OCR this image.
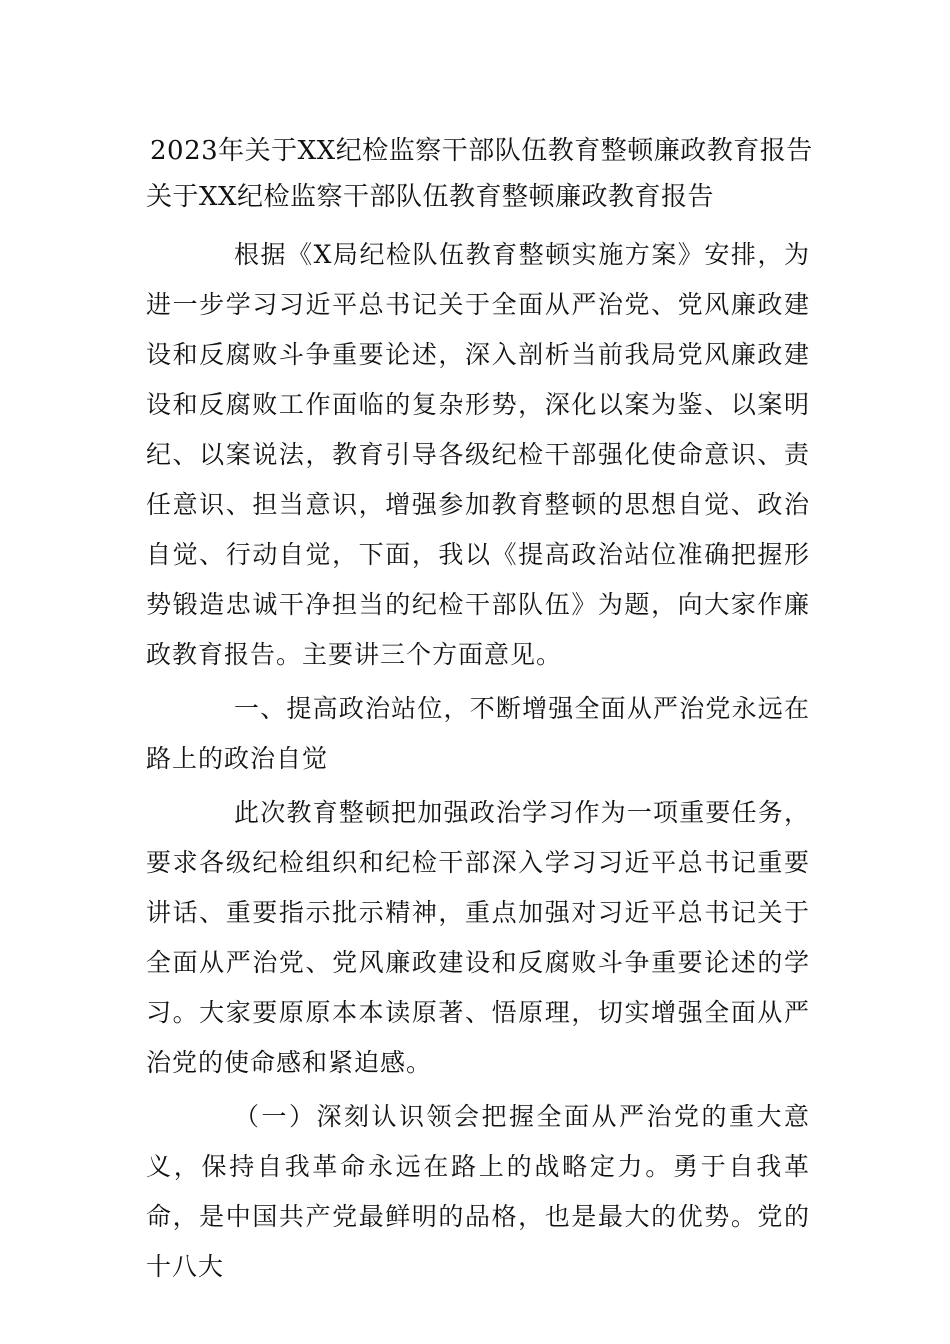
2023年关于XX纪检监察干部队伍教育整顿廉政教育报告
关于XX纪检监察干部队伍教育整顿廉政教育报告

根据《X局纪检队伍教育整顿实施方案》安排，为进一步学习习近平总书记关于全面从严治党、党风廉政建设和反腐败斗争重要论述，深入剖析当前我局党风廉政建设和反腐败工作面临的复杂形势，深化以案为鉴、以案明纪、以案说法，教育引导各级纪检干部强化使命意识、责任意识、担当意识，增强参加教育整顿的思想自觉、政治自觉、行动自觉，下面，我以《提高政治站位准确把握形势锻造忠诚干净担当的纪检干部队伍》为题，向大家作廉政教育报告。主要讲三个方面意见。

一、提高政治站位，不断增强全面从严治党永远在路上的政治自觉

此次教育整顿把加强政治学习作为一项重要任务，要求各级纪检组织和纪检干部深入学习习近平总书记重要讲话、重要指示批示精神，重点加强对习近平总书记关于全面从严治党、党风廉政建设和反腐败斗争重要论述的学习。大家要原原本本读原著、悟原理，切实增强全面从严治党的使命感和紧迫感。

（一）深刻认识领会把握全面从严治党的重大意义，保持自我革命永远在路上的战略定力。勇于自我革命，是中国共产党最鲜明的品格，也是最大的优势。党的十八大
